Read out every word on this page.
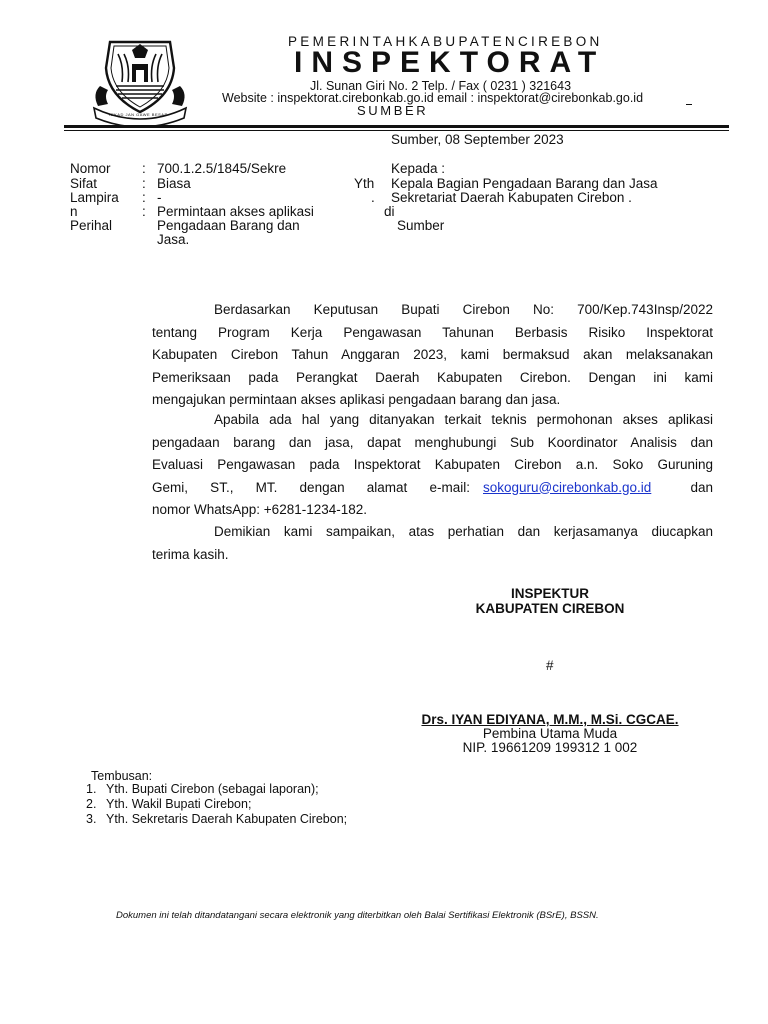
TEKAD JAN GAWE BESAR
PEMERINTAHKABUPATENCIREBON
INSPEKTORAT
Jl. Sunan Giri No. 2 Telp. / Fax ( 0231 ) 321643
Website : inspektorat.cirebonkab.go.id email : inspektorat@cirebonkab.go.id
SUMBER
Sumber, 08 September 2023
Nomor : 700.1.2.5/1845/Sekre
Sifat	: Biasa
Lampira : -
n	: Permintaan akses aplikasi
Perihal	Pengadaan Barang dan
Jasa.
Kepada :
Yth Kepala Bagian Pengadaan Barang dan Jasa
. Sekretariat Daerah Kabupaten Cirebon .
di
Sumber
Berdasarkan Keputusan Bupati Cirebon No: 700/Kep.743Insp/2022
tentang Program Kerja Pengawasan Tahunan Berbasis Risiko Inspektorat
Kabupaten Cirebon Tahun Anggaran 2023, kami bermaksud akan melaksanakan
Pemeriksaan pada Perangkat Daerah Kabupaten Cirebon. Dengan ini kami
mengajukan permintaan akses aplikasi pengadaan barang dan jasa.
Apabila ada hal yang ditanyakan terkait teknis permohonan akses aplikasi
pengadaan barang dan jasa, dapat menghubungi Sub Koordinator Analisis dan
Evaluasi Pengawasan pada Inspektorat Kabupaten Cirebon a.n. Soko Guruning
Gemi, ST., MT. dengan alamat e-mail: sokoguru@cirebonkab.go.id	dan
nomor WhatsApp: +6281-1234-182.
Demikian kami sampaikan, atas perhatian dan kerjasamanya diucapkan
terima kasih.
INSPEKTUR
KABUPATEN CIREBON
#
Drs. IYAN EDIYANA, M.M., M.Si. CGCAE.
Pembina Utama Muda
NIP. 19661209 199312 1 002
Tembusan:
1. Yth. Bupati Cirebon (sebagai laporan);
2. Yth. Wakil Bupati Cirebon;
3. Yth. Sekretaris Daerah Kabupaten Cirebon;
Dokumen ini telah ditandatangani secara elektronik yang diterbitkan oleh Balai Sertifikasi Elektronik (BSrE), BSSN.
